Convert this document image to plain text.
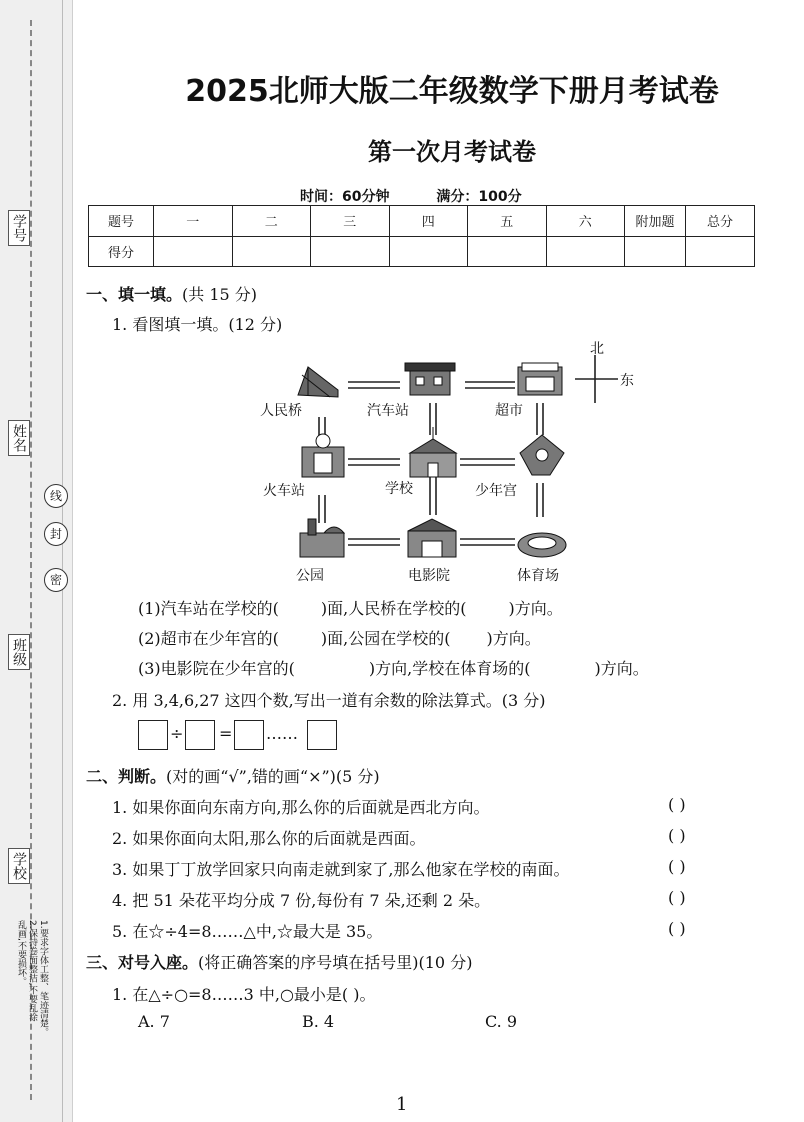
学号
姓名
班级
学校
线
封
密
1.要求字体工整、笔迹清楚。
2.保持卷面整洁,不要乱涂
乱画,不要损坏。
2025北师大版二年级数学下册月考试卷
第一次月考试卷
时间：60分钟	满分：100分
题号	一	二	三	四	五	六	附加题	总分
得分								
一、填一填。(共 15 分)
1. 看图填一填。(12 分)
北
东
人民桥	汽车站	超市
火车站	学校	少年宫
公园	电影院	体育场
(1)汽车站在学校的(	)面,人民桥在学校的(	)方向。
(2)超市在少年宫的(	)面,公园在学校的( )方向。
(3)电影院在少年宫的(	)方向,学校在体育场的(	)方向。
2. 用 3,4,6,27 这四个数,写出一道有余数的除法算式。(3 分)
÷ = ……
二、判断。(对的画“√”,错的画“×”)(5 分)
1. 如果你面向东南方向,那么你的后面就是西北方向。
2. 如果你面向太阳,那么你的后面就是西面。
3. 如果丁丁放学回家只向南走就到家了,那么他家在学校的南面。
4. 把 51 朵花平均分成 7 份,每份有 7 朵,还剩 2 朵。
5. 在☆÷4=8……△中,☆最大是 35。
( )
( )
( )
( )
( )
三、对号入座。(将正确答案的序号填在括号里)(10 分)
1. 在△÷○=8……3 中,○最小是( )。
A. 7	B. 4	C. 9
1
